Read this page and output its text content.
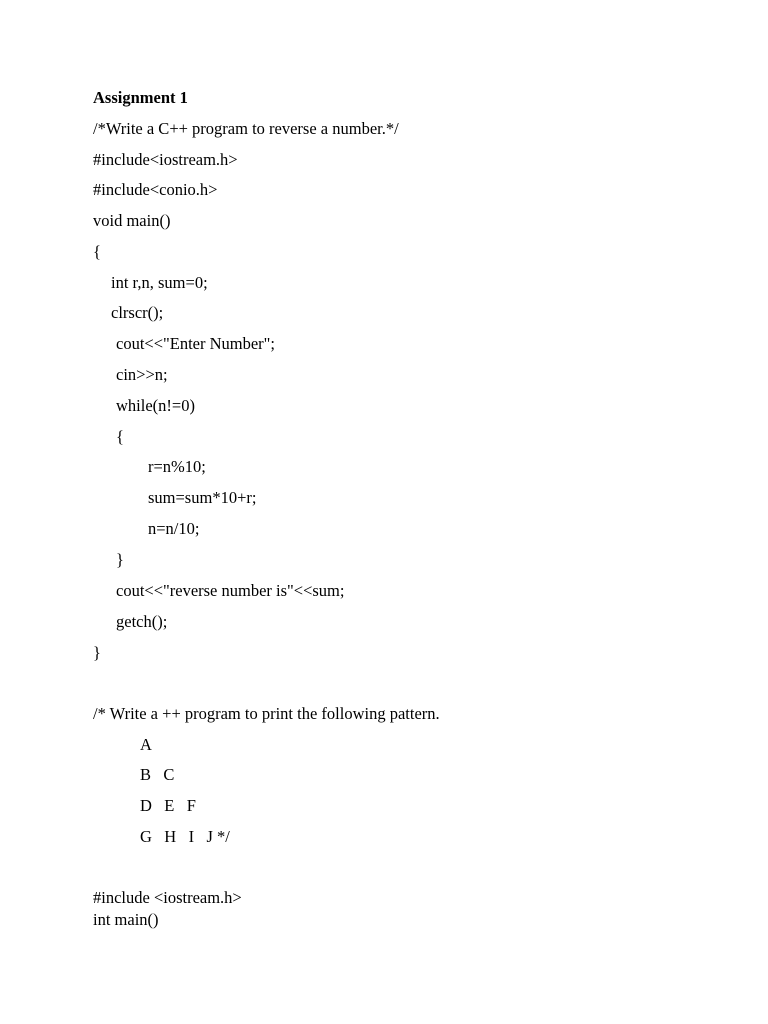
Assignment 1
/*Write a C++ program to reverse a number.*/
#include<iostream.h>
#include<conio.h>
void main()
{
int r,n, sum=0;
clrscr();
cout<<"Enter Number";
cin>>n;
while(n!=0)
{
r=n%10;
sum=sum*10+r;
n=n/10;
}
cout<<"reverse number is"<<sum;
getch();
}
/* Write a ++ program to print the following pattern.
A
B   C
D   E   F
G   H   I   J */
#include <iostream.h>
int main()
